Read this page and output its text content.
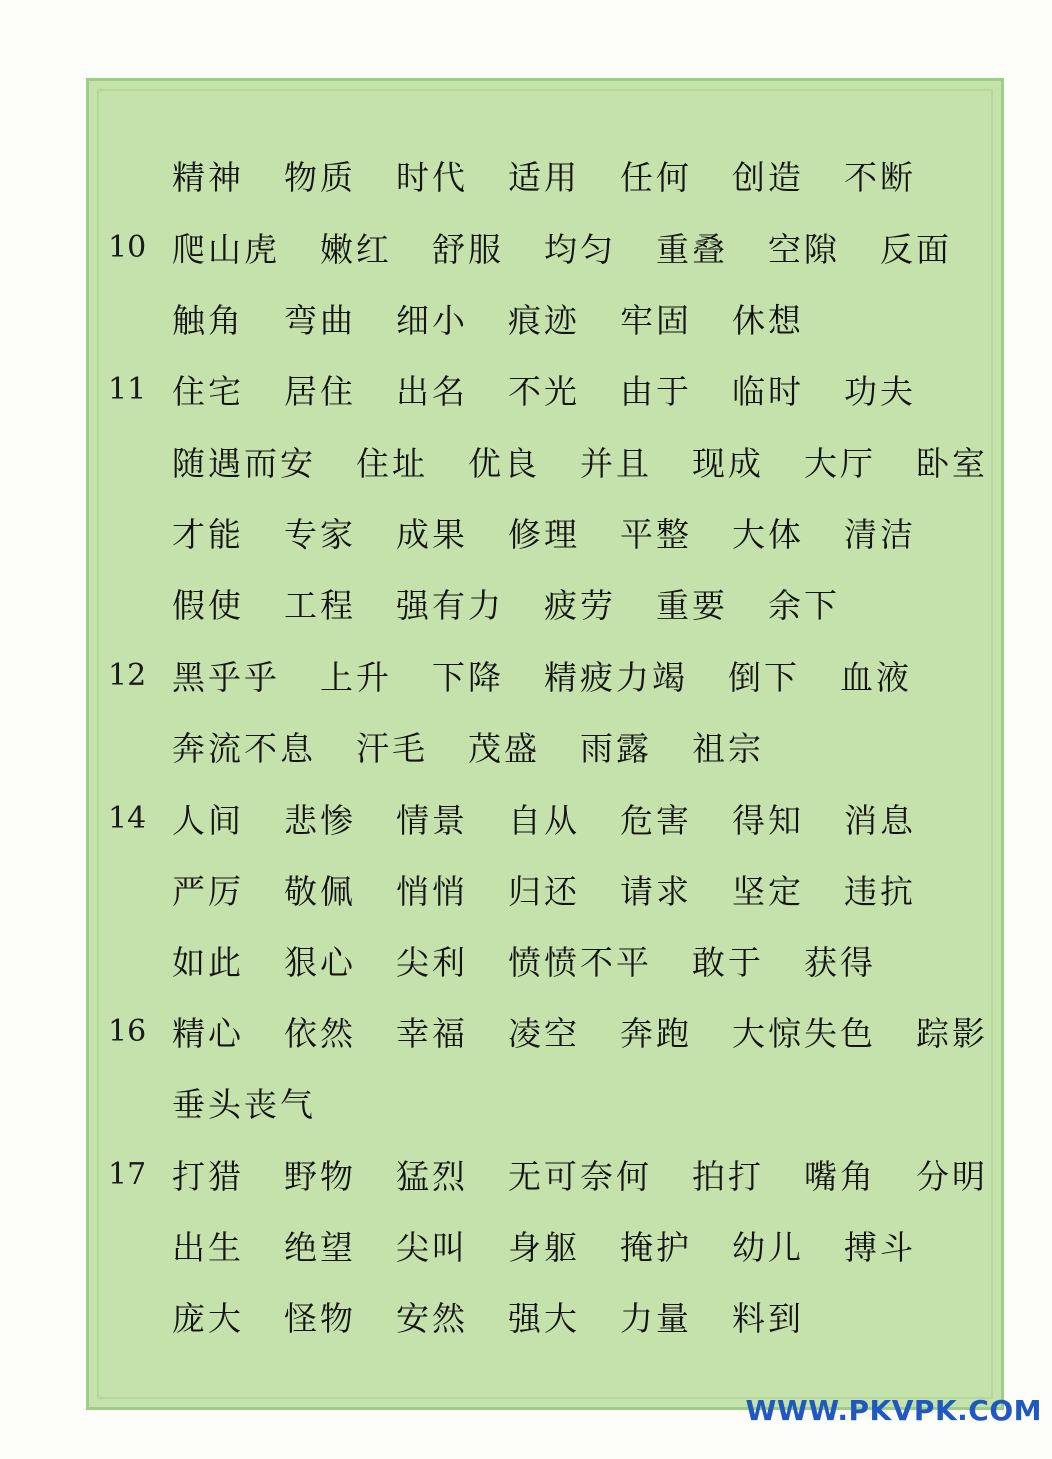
精神 物质 时代 适用 任何 创造 不断
10 爬山虎 嫩红 舒服 均匀 重叠 空隙 反面
触角 弯曲 细小 痕迹 牢固 休想
11 住宅 居住 出名 不光 由于 临时 功夫
随遇而安 住址 优良 并且 现成 大厅 卧室
才能 专家 成果 修理 平整 大体 清洁
假使 工程 强有力 疲劳 重要 余下
12 黑乎乎 上升 下降 精疲力竭 倒下 血液
奔流不息 汗毛 茂盛 雨露 祖宗
14 人间 悲惨 情景 自从 危害 得知 消息
严厉 敬佩 悄悄 归还 请求 坚定 违抗
如此 狠心 尖利 愤愤不平 敢于 获得
16 精心 依然 幸福 凌空 奔跑 大惊失色 踪影
垂头丧气
17 打猎 野物 猛烈 无可奈何 拍打 嘴角 分明
出生 绝望 尖叫 身躯 掩护 幼儿 搏斗
庞大 怪物 安然 强大 力量 料到
WWW.PKVPK.COM
